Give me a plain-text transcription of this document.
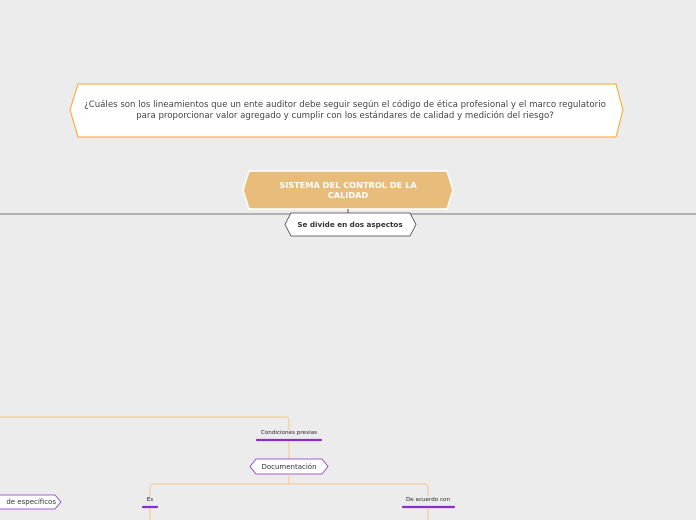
¿Cuáles son los lineamientos que un ente auditor debe seguir según el código de ética profesional y el marco regulatorio para proporcionar valor agregado y cumplir con los estándares de calidad y medición del riesgo?
SISTEMA DEL CONTROL DE LA CALIDAD
Se divide en dos aspectos
Condiciones previas
Documentación
Es	De acuerdo con
de específicos
